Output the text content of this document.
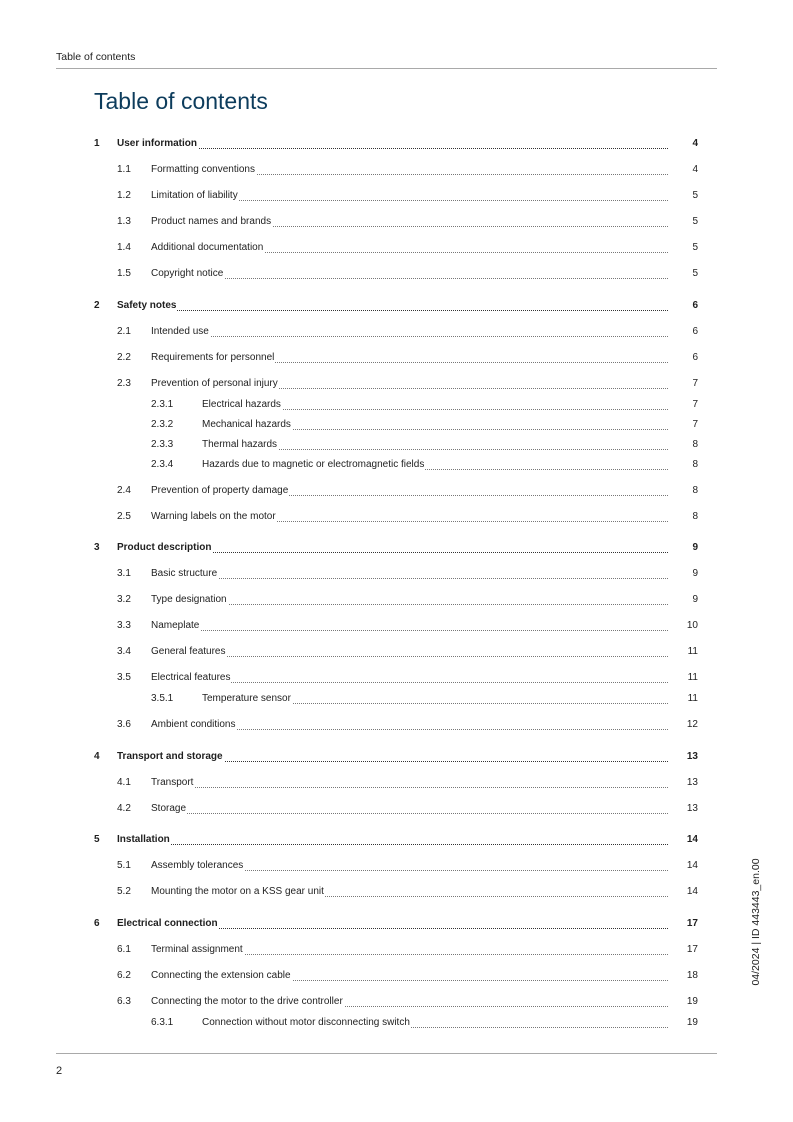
Table of contents
Table of contents
1 User information	4
1.1 Formatting conventions	4
1.2 Limitation of liability	5
1.3 Product names and brands	5
1.4 Additional documentation	5
1.5 Copyright notice	5
2 Safety notes	6
2.1 Intended use	6
2.2 Requirements for personnel	6
2.3 Prevention of personal injury	7
2.3.1	Electrical hazards	7
2.3.2	Mechanical hazards	7
2.3.3	Thermal hazards	8
2.3.4	Hazards due to magnetic or electromagnetic fields	8
2.4 Prevention of property damage	8
2.5 Warning labels on the motor	8
3 Product description	9
3.1 Basic structure	9
3.2 Type designation	9
3.3 Nameplate	10
3.4 General features	11
3.5 Electrical features	11
3.5.1	Temperature sensor	11
3.6 Ambient conditions	12
4 Transport and storage	13
4.1 Transport	13
4.2 Storage	13
5 Installation	14
5.1 Assembly tolerances	14
5.2 Mounting the motor on a KSS gear unit	14
6 Electrical connection	17
6.1 Terminal assignment	17
6.2 Connecting the extension cable	18
6.3 Connecting the motor to the drive controller	19
6.3.1	Connection without motor disconnecting switch	19
04/2024 | ID 443443_en.00
2
